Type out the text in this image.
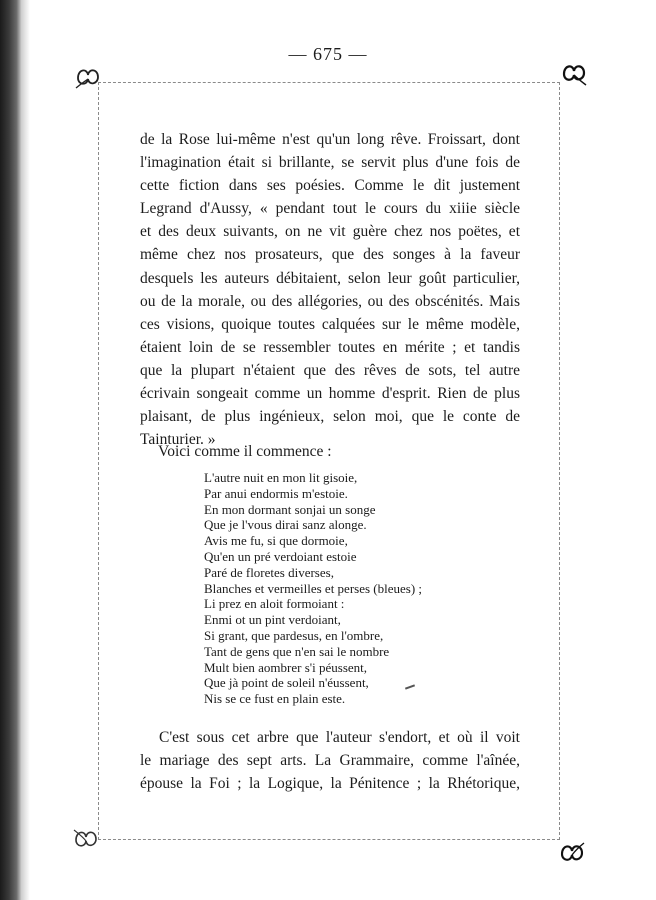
— 675 —
de la Rose lui-même n'est qu'un long rêve. Froissart, dont
l'imagination était si brillante, se servit plus d'une fois de
cette fiction dans ses poésies. Comme le dit justement
Legrand d'Aussy, « pendant tout le cours du xiiie siècle
et des deux suivants, on ne vit guère chez nos poëtes, et
même chez nos prosateurs, que des songes à la faveur
desquels les auteurs débitaient, selon leur goût particulier,
ou de la morale, ou des allégories, ou des obscénités. Mais
ces visions, quoique toutes calquées sur le même modèle,
étaient loin de se ressembler toutes en mérite ; et tandis
que la plupart n'étaient que des rêves de sots, tel autre
écrivain songeait comme un homme d'esprit. Rien de plus
plaisant, de plus ingénieux, selon moi, que le conte de
Tainturier. »
Voici comme il commence :
L'autre nuit en mon lit gisoie,
Par anui endormis m'estoie.
En mon dormant sonjai un songe
Que je l'vous dirai sanz alonge.
Avis me fu, si que dormoie,
Qu'en un pré verdoiant estoie
Paré de floretes diverses,
Blanches et vermeilles et perses (bleues) ;
Li prez en aloit formoiant :
Enmi ot un pint verdoiant,
Si grant, que pardesus, en l'ombre,
Tant de gens que n'en sai le nombre
Mult bien aombrer s'i péussent,
Que jà point de soleil n'éussent,
Nis se ce fust en plain este.
C'est sous cet arbre que l'auteur s'endort, et où il voit
le mariage des sept arts. La Grammaire, comme l'aînée,
épouse la Foi ; la Logique, la Pénitence ; la Rhétorique,
